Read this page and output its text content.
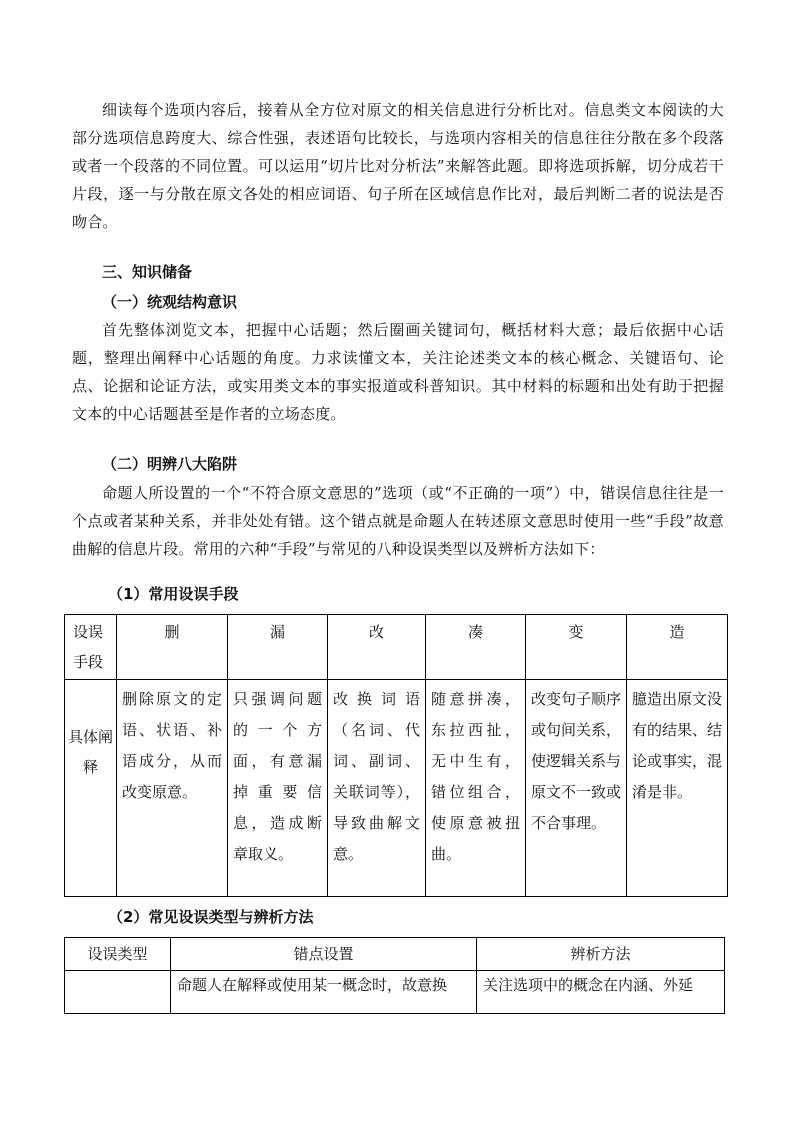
细读每个选项内容后，接着从全方位对原文的相关信息进行分析比对。信息类文本阅读的大部分选项信息跨度大、综合性强，表述语句比较长，与选项内容相关的信息往往分散在多个段落或者一个段落的不同位置。可以运用“切片比对分析法”来解答此题。即将选项拆解，切分成若干片段，逐一与分散在原文各处的相应词语、句子所在区域信息作比对，最后判断二者的说法是否吻合。

三、知识储备

（一）统观结构意识

首先整体浏览文本，把握中心话题；然后圈画关键词句，概括材料大意；最后依据中心话题，整理出阐释中心话题的角度。力求读懂文本，关注论述类文本的核心概念、关键语句、论点、论据和论证方法，或实用类文本的事实报道或科普知识。其中材料的标题和出处有助于把握文本的中心话题甚至是作者的立场态度。

（二）明辨八大陷阱

命题人所设置的一个“不符合原文意思的”选项（或“不正确的一项”）中，错误信息往往是一个点或者某种关系，并非处处有错。这个错点就是命题人在转述原文意思时使用一些“手段”故意曲解的信息片段。常用的六种“手段”与常见的八种设误类型以及辨析方法如下：

（1）常用设误手段

设误手段	删	漏	改	凑	变	造
具体阐释	删除原文的定语、状语、补语成分，从而改变原意。	只强调问题的一个方面，有意漏掉重要信息，造成断章取义。	改换词语（名词、代词、副词、关联词等），导致曲解文意。	随意拼凑，东拉西扯，无中生有，错位组合，使原意被扭曲。	改变句子顺序或句间关系，使逻辑关系与原文不一致或不合事理。	臆造出原文没有的结果、结论或事实，混淆是非。

（2）常见设误类型与辨析方法

设误类型	错点设置	辨析方法
	命题人在解释或使用某一概念时，故意换	关注选项中的概念在内涵、外延
